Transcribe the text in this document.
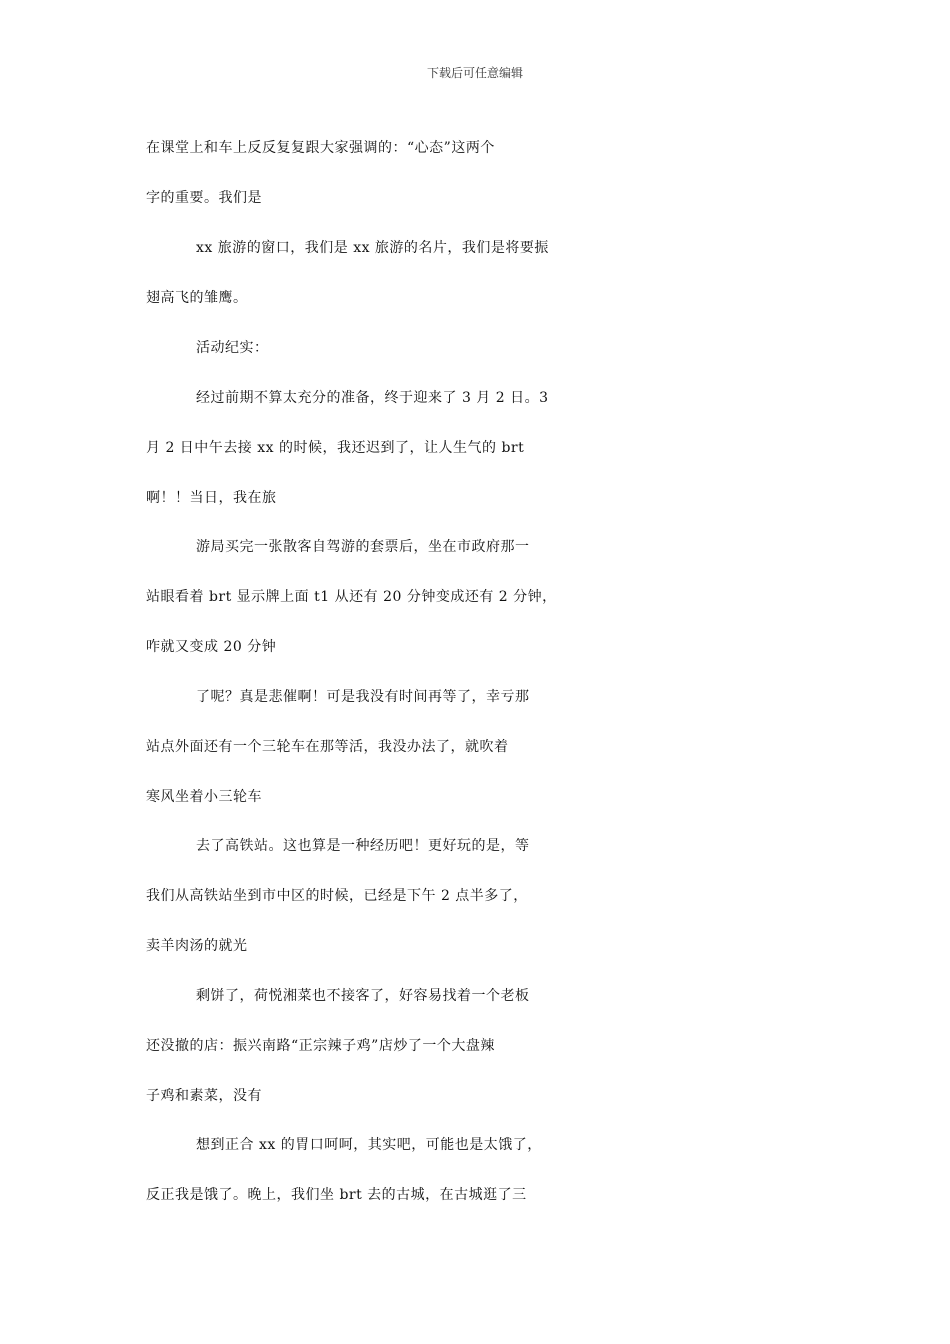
下载后可任意编辑
在课堂上和车上反反复复跟大家强调的：“心态”这两个
字的重要。我们是
xx 旅游的窗口，我们是 xx 旅游的名片，我们是将要振
翅高飞的雏鹰。
活动纪实：
经过前期不算太充分的准备，终于迎来了 3 月 2 日。3
月 2 日中午去接 xx 的时候，我还迟到了，让人生气的 brt
啊！！当日，我在旅
游局买完一张散客自驾游的套票后，坐在市政府那一
站眼看着 brt 显示牌上面 t1 从还有 20 分钟变成还有 2 分钟，
咋就又变成 20 分钟
了呢？真是悲催啊！可是我没有时间再等了，幸亏那
站点外面还有一个三轮车在那等活，我没办法了，就吹着
寒风坐着小三轮车
去了高铁站。这也算是一种经历吧！更好玩的是，等
我们从高铁站坐到市中区的时候，已经是下午 2 点半多了，
卖羊肉汤的就光
剩饼了，荷悦湘菜也不接客了，好容易找着一个老板
还没撤的店：振兴南路“正宗辣子鸡”店炒了一个大盘辣
子鸡和素菜，没有
想到正合 xx 的胃口呵呵，其实吧，可能也是太饿了，
反正我是饿了。晚上，我们坐 brt 去的古城，在古城逛了三
